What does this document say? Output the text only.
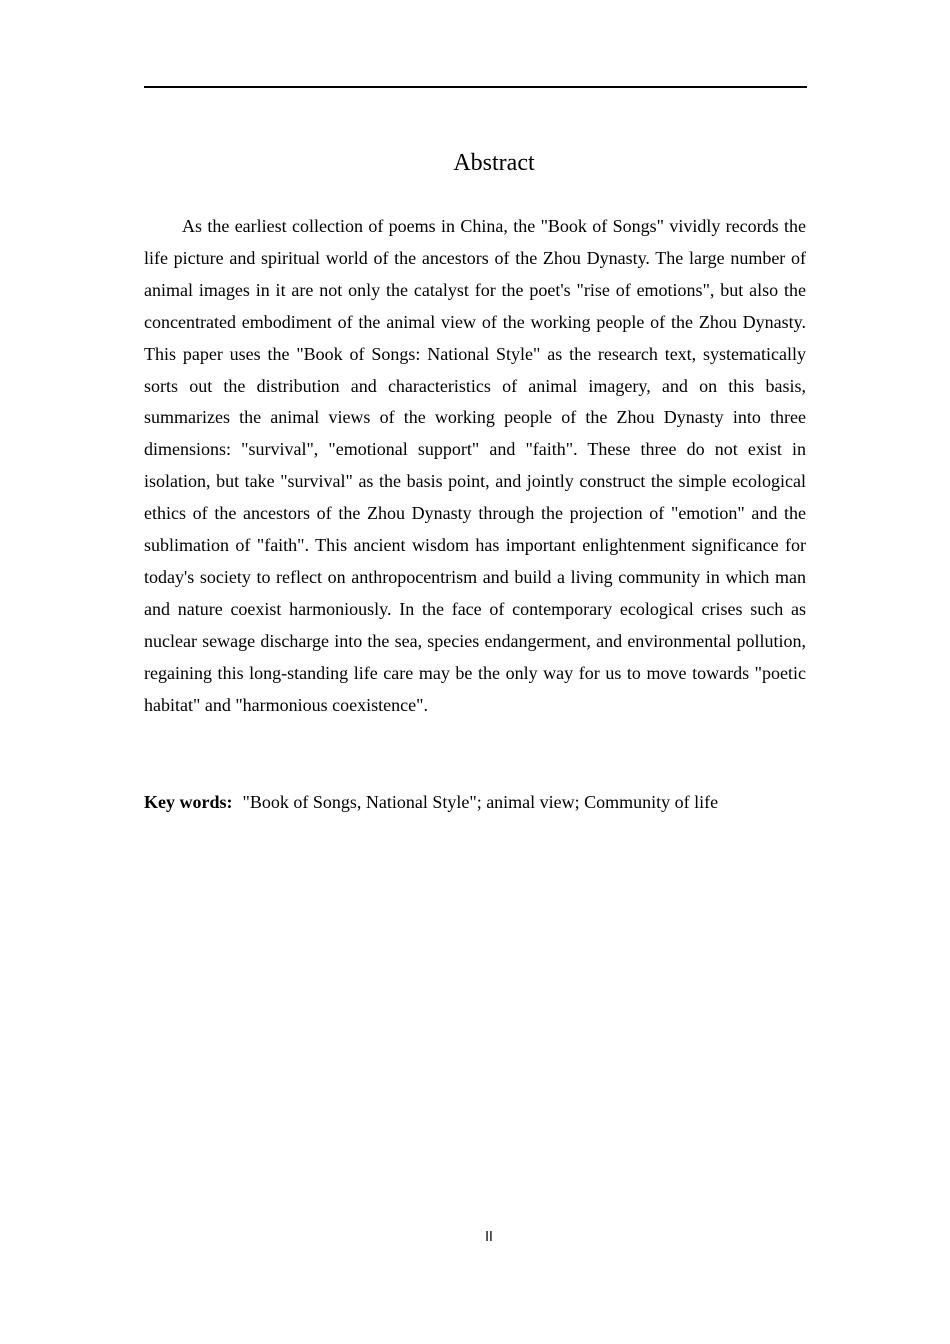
Abstract

As the earliest collection of poems in China, the "Book of Songs" vividly records the life picture and spiritual world of the ancestors of the Zhou Dynasty. The large number of animal images in it are not only the catalyst for the poet's "rise of emotions", but also the concentrated embodiment of the animal view of the working people of the Zhou Dynasty. This paper uses the "Book of Songs: National Style" as the research text, systematically sorts out the distribution and characteristics of animal imagery, and on this basis, summarizes the animal views of the working people of the Zhou Dynasty into three dimensions: "survival", "emotional support" and "faith". These three do not exist in isolation, but take "survival" as the basis point, and jointly construct the simple ecological ethics of the ancestors of the Zhou Dynasty through the projection of "emotion" and the sublimation of "faith". This ancient wisdom has important enlightenment significance for today's society to reflect on anthropocentrism and build a living community in which man and nature coexist harmoniously. In the face of contemporary ecological crises such as nuclear sewage discharge into the sea, species endangerment, and environmental pollution, regaining this long-standing life care may be the only way for us to move towards "poetic habitat" and "harmonious coexistence".

Key words: "Book of Songs, National Style"; animal view; Community of life

II
